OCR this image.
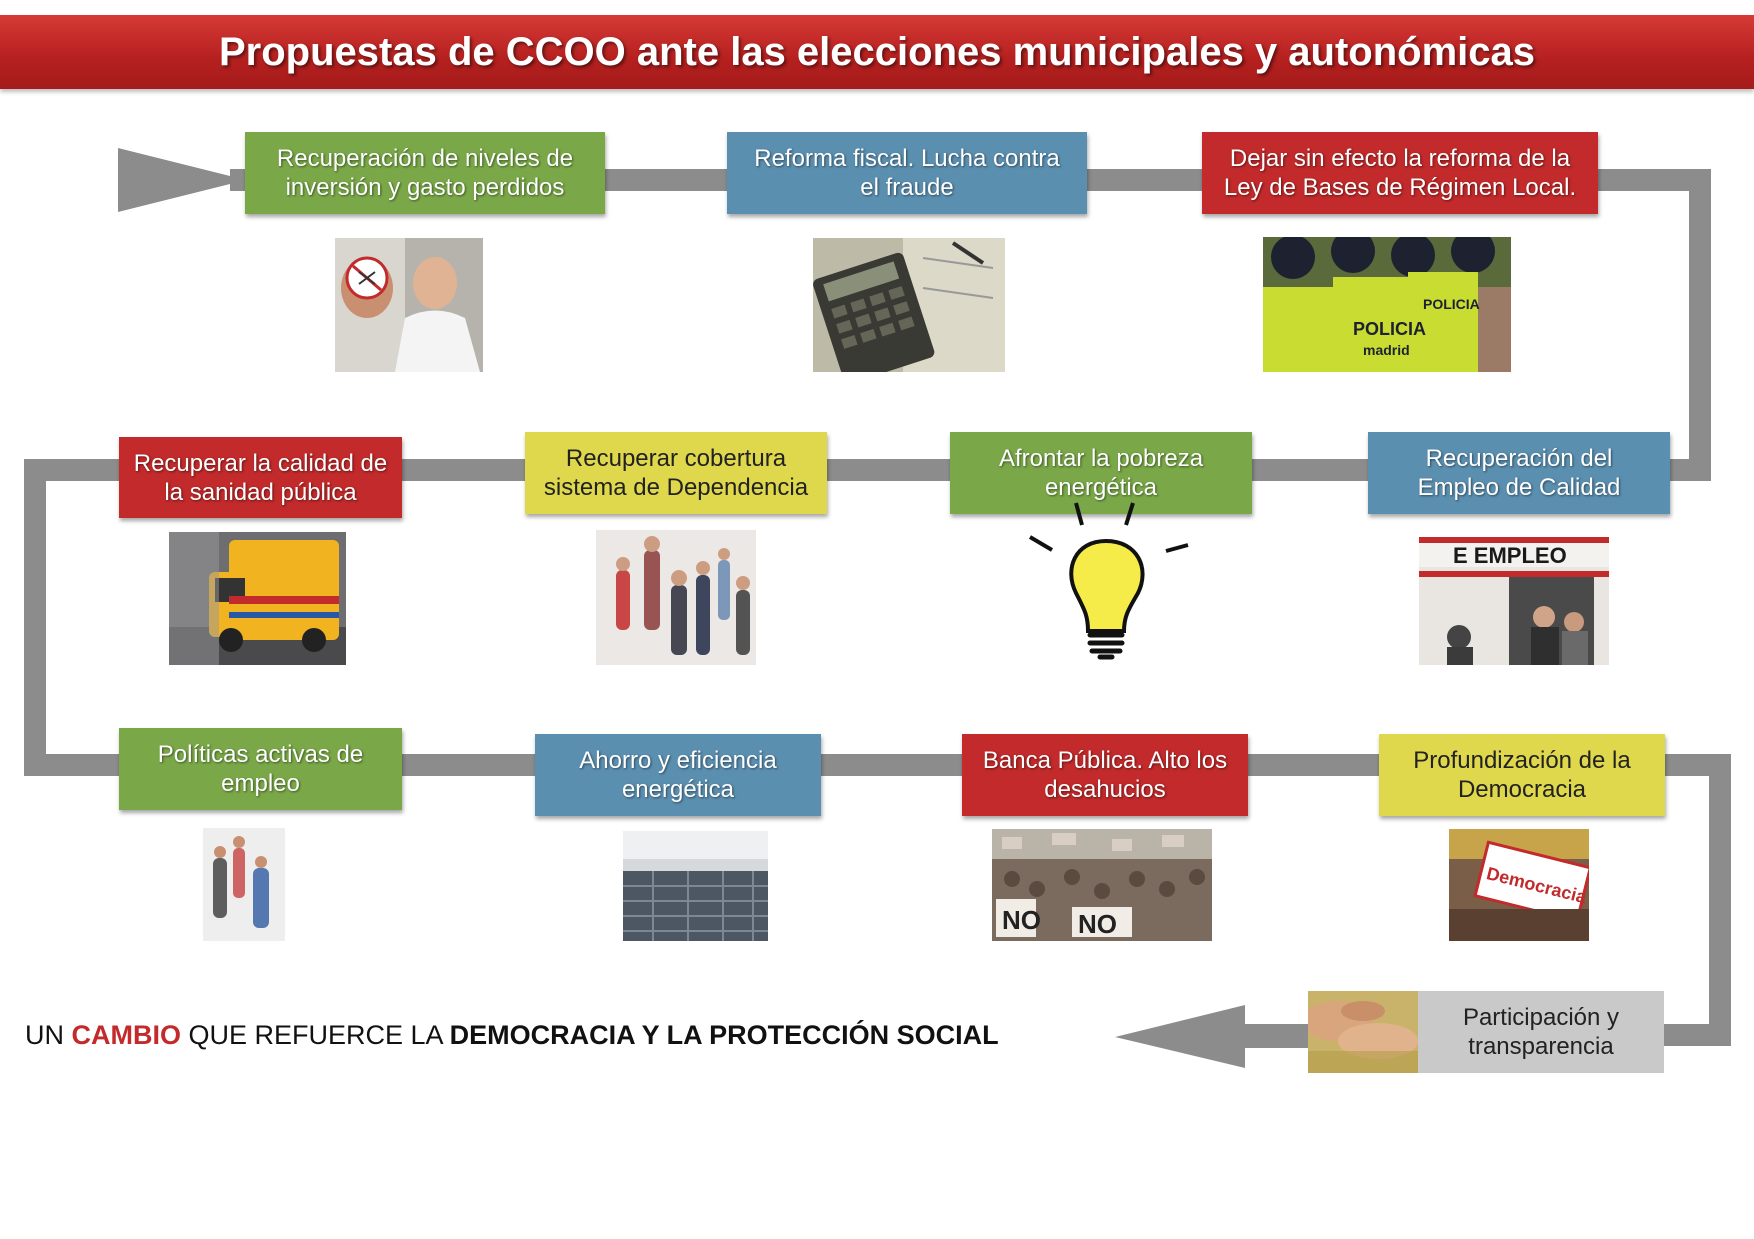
Propuestas de CCOO ante las elecciones municipales y autonómicas
Recuperación de niveles de
inversión y gasto perdidos
Reforma fiscal. Lucha contra
el fraude
Dejar sin efecto la reforma de la
Ley de Bases de Régimen Local.
Recuperación del
Empleo de Calidad
Afrontar la pobreza
energética
Recuperar cobertura
sistema de Dependencia
Recuperar la calidad de
la sanidad pública
Políticas activas de
empleo
Ahorro y eficiencia
energética
Banca Pública. Alto los
desahucios
Profundización de la
Democracia
Participación y
transparencia
POLICIA
madrid
POLICIA
E EMPLEO
NO NO
Democracia
UN CAMBIO QUE REFUERCE LA DEMOCRACIA Y LA PROTECCIÓN SOCIAL
